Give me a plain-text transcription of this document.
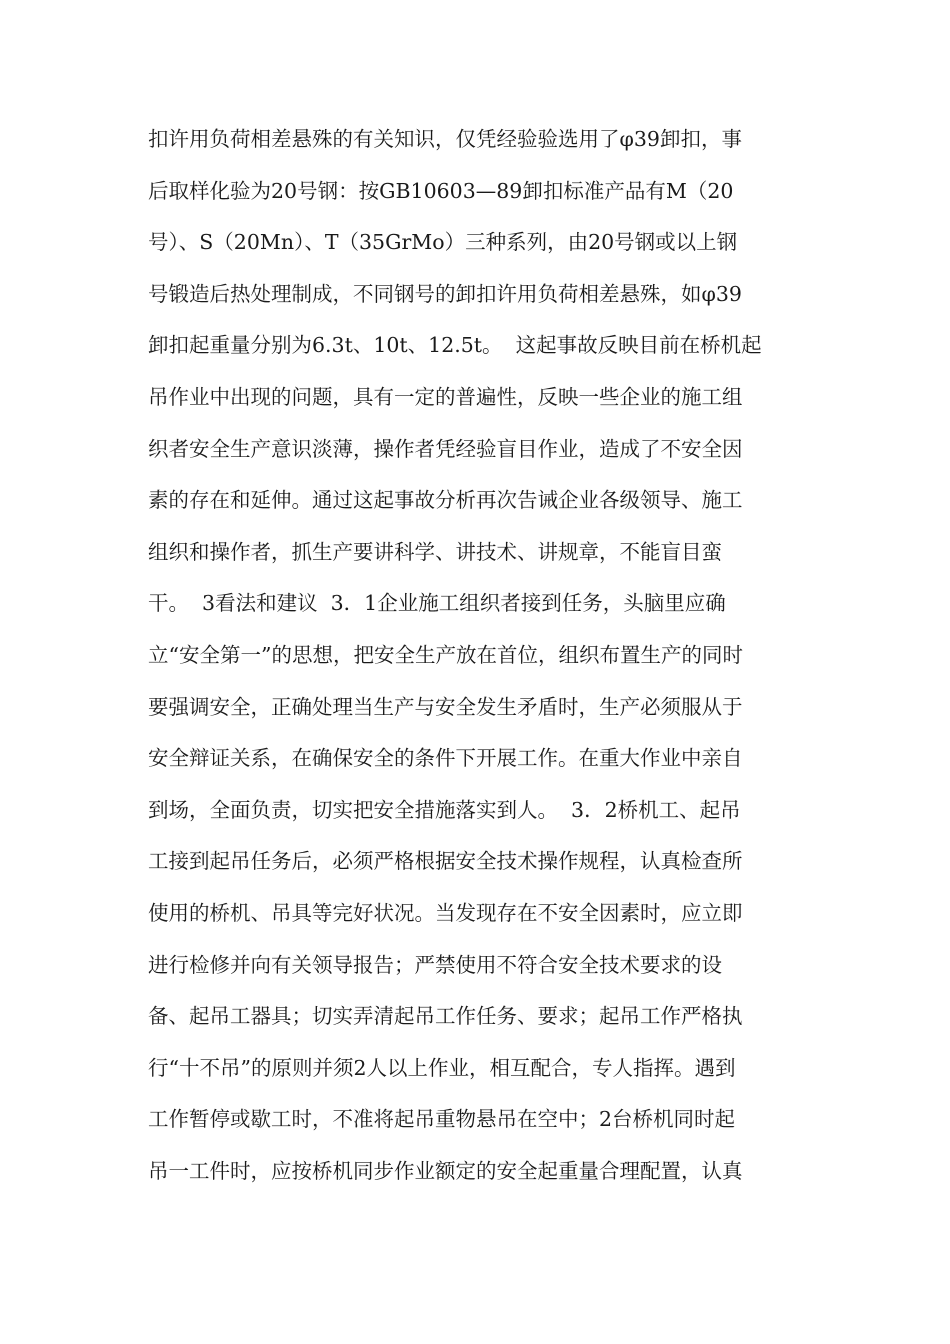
扣许用负荷相差悬殊的有关知识，仅凭经验验选用了φ39卸扣，事
后取样化验为20号钢：按GB10603—89卸扣标准产品有M（20
号）、S（20Mn）、T（35GrMo）三种系列，由20号钢或以上钢
号锻造后热处理制成，不同钢号的卸扣许用负荷相差悬殊，如φ39
卸扣起重量分别为6.3t、10t、12.5t。  这起事故反映目前在桥机起
吊作业中出现的问题，具有一定的普遍性，反映一些企业的施工组
织者安全生产意识淡薄，操作者凭经验盲目作业，造成了不安全因
素的存在和延伸。通过这起事故分析再次告诫企业各级领导、施工
组织和操作者，抓生产要讲科学、讲技术、讲规章，不能盲目蛮
干。  3看法和建议  3．1企业施工组织者接到任务，头脑里应确
立“安全第一”的思想，把安全生产放在首位，组织布置生产的同时
要强调安全，正确处理当生产与安全发生矛盾时，生产必须服从于
安全辩证关系，在确保安全的条件下开展工作。在重大作业中亲自
到场，全面负责，切实把安全措施落实到人。  3．2桥机工、起吊
工接到起吊任务后，必须严格根据安全技术操作规程，认真检查所
使用的桥机、吊具等完好状况。当发现存在不安全因素时，应立即
进行检修并向有关领导报告；严禁使用不符合安全技术要求的设
备、起吊工器具；切实弄清起吊工作任务、要求；起吊工作严格执
行“十不吊”的原则并须2人以上作业，相互配合，专人指挥。遇到
工作暂停或歇工时，不准将起吊重物悬吊在空中；2台桥机同时起
吊一工件时，应按桥机同步作业额定的安全起重量合理配置，认真
